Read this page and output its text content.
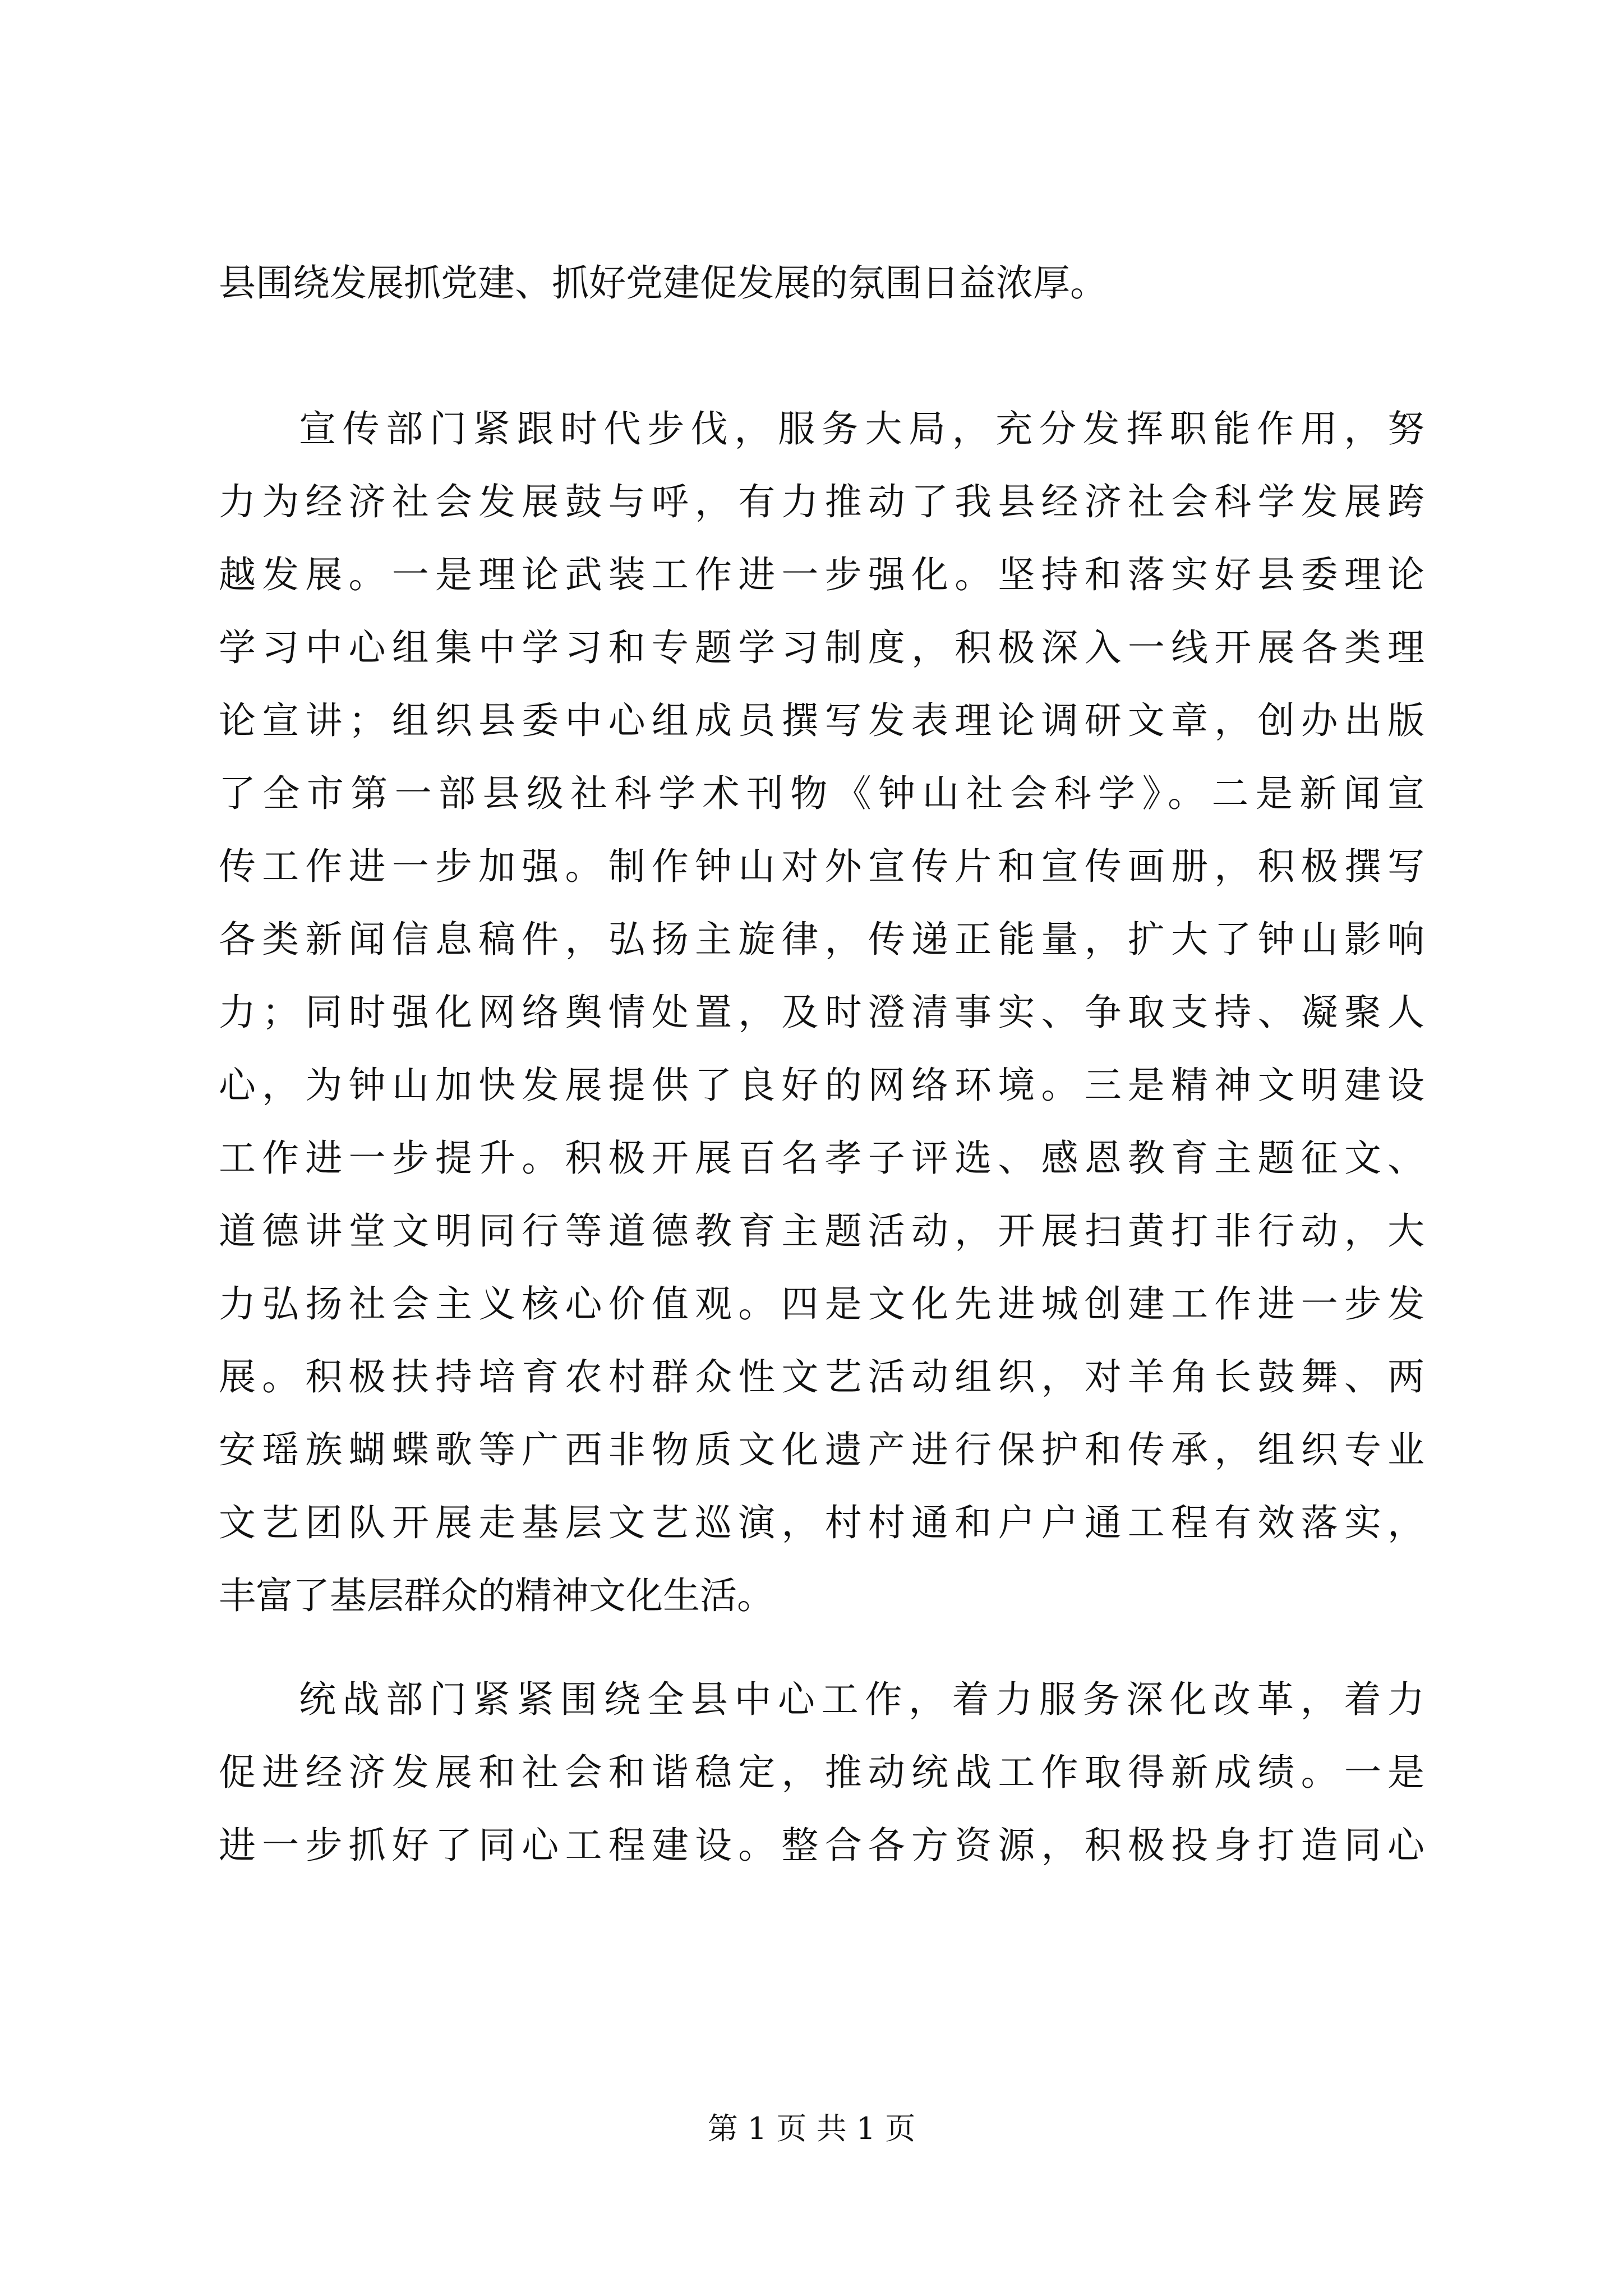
县围绕发展抓党建、抓好党建促发展的氛围日益浓厚。
宣传部门紧跟时代步伐，服务大局，充分发挥职能作用，努
力为经济社会发展鼓与呼，有力推动了我县经济社会科学发展跨
越发展。一是理论武装工作进一步强化。坚持和落实好县委理论
学习中心组集中学习和专题学习制度，积极深入一线开展各类理
论宣讲；组织县委中心组成员撰写发表理论调研文章，创办出版
了全市第一部县级社科学术刊物《钟山社会科学》。二是新闻宣
传工作进一步加强。制作钟山对外宣传片和宣传画册，积极撰写
各类新闻信息稿件，弘扬主旋律，传递正能量，扩大了钟山影响
力；同时强化网络舆情处置，及时澄清事实、争取支持、凝聚人
心，为钟山加快发展提供了良好的网络环境。三是精神文明建设
工作进一步提升。积极开展百名孝子评选、感恩教育主题征文、
道德讲堂文明同行等道德教育主题活动，开展扫黄打非行动，大
力弘扬社会主义核心价值观。四是文化先进城创建工作进一步发
展。积极扶持培育农村群众性文艺活动组织，对羊角长鼓舞、两
安瑶族蝴蝶歌等广西非物质文化遗产进行保护和传承，组织专业
文艺团队开展走基层文艺巡演，村村通和户户通工程有效落实，
丰富了基层群众的精神文化生活。
统战部门紧紧围绕全县中心工作，着力服务深化改革，着力
促进经济发展和社会和谐稳定，推动统战工作取得新成绩。一是
进一步抓好了同心工程建设。整合各方资源，积极投身打造同心
第 1 页 共 1 页
